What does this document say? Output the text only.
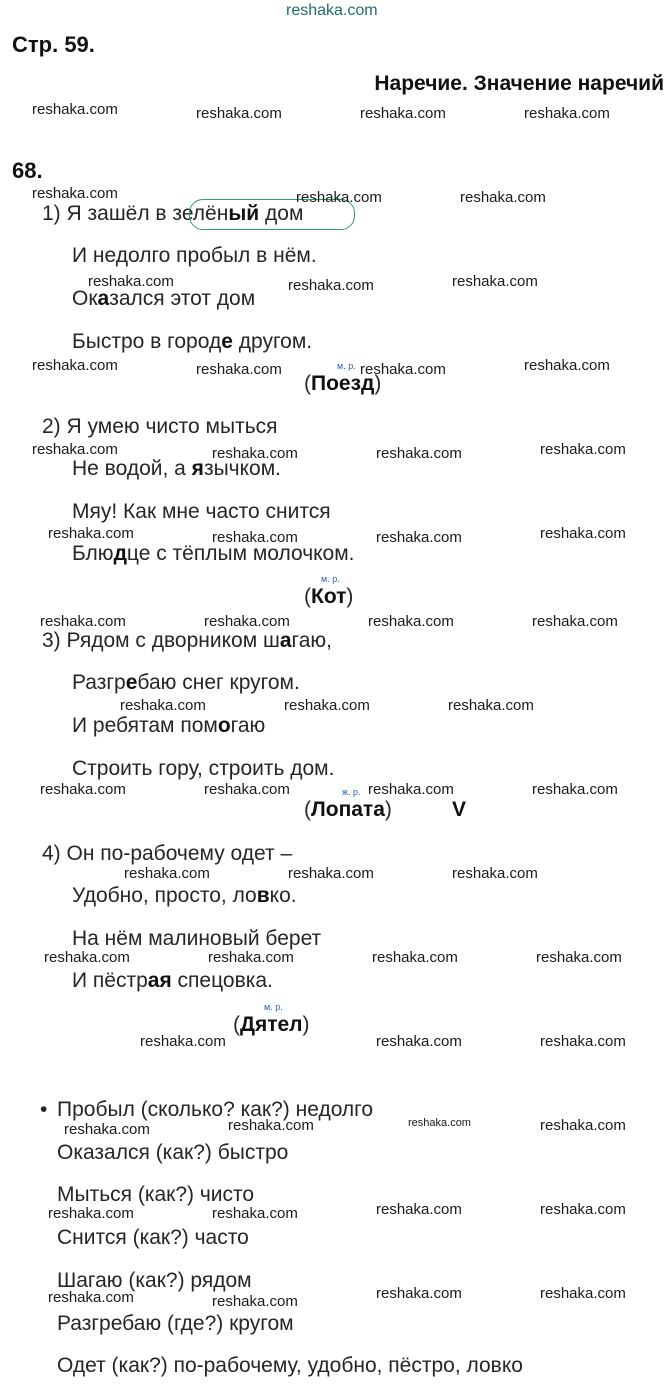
reshaka.com
Стр. 59.
Наречие. Значение наречий
68.
1) Я зашёл в зелёный дом
И недолго пробыл в нём.
Оказался этот дом
Быстро в городе другом.
м. р.
(Поезд)
2) Я умею чисто мыться
Не водой, а язычком.
Мяу! Как мне часто снится
Блюдце с тёплым молочком.
м. р.
(Кот)
3) Рядом с дворником шагаю,
Разгребаю снег кругом.
И ребятам помогаю
Строить гору, строить дом.
ж. р.
(Лопата)	V
4) Он по-рабочему одет –
Удобно, просто, ловко.
На нём малиновый берет
И пёстрая спецовка.
м. р.
(Дятел)
• Пробыл (сколько? как?) недолго
Оказался (как?) быстро
Мыться (как?) чисто
Снится (как?) часто
Шагаю (как?) рядом
Разгребаю (где?) кругом
Одет (как?) по-рабочему, удобно, пёстро, ловко
reshaka.com	reshaka.com	reshaka.com	reshaka.com
reshaka.com	reshaka.com	reshaka.com
reshaka.com	reshaka.com	reshaka.com
reshaka.com	reshaka.com	reshaka.com	reshaka.com
reshaka.com	reshaka.com	reshaka.com	reshaka.com
reshaka.com	reshaka.com	reshaka.com	reshaka.com
reshaka.com	reshaka.com	reshaka.com	reshaka.com
reshaka.com	reshaka.com	reshaka.com
reshaka.com	reshaka.com	reshaka.com	reshaka.com
reshaka.com	reshaka.com	reshaka.com
reshaka.com	reshaka.com	reshaka.com	reshaka.com
reshaka.com	reshaka.com	reshaka.com
reshaka.com	reshaka.com	reshaka.com	reshaka.com
reshaka.com	reshaka.com	reshaka.com	reshaka.com
reshaka.com	reshaka.com	reshaka.com	reshaka.com
